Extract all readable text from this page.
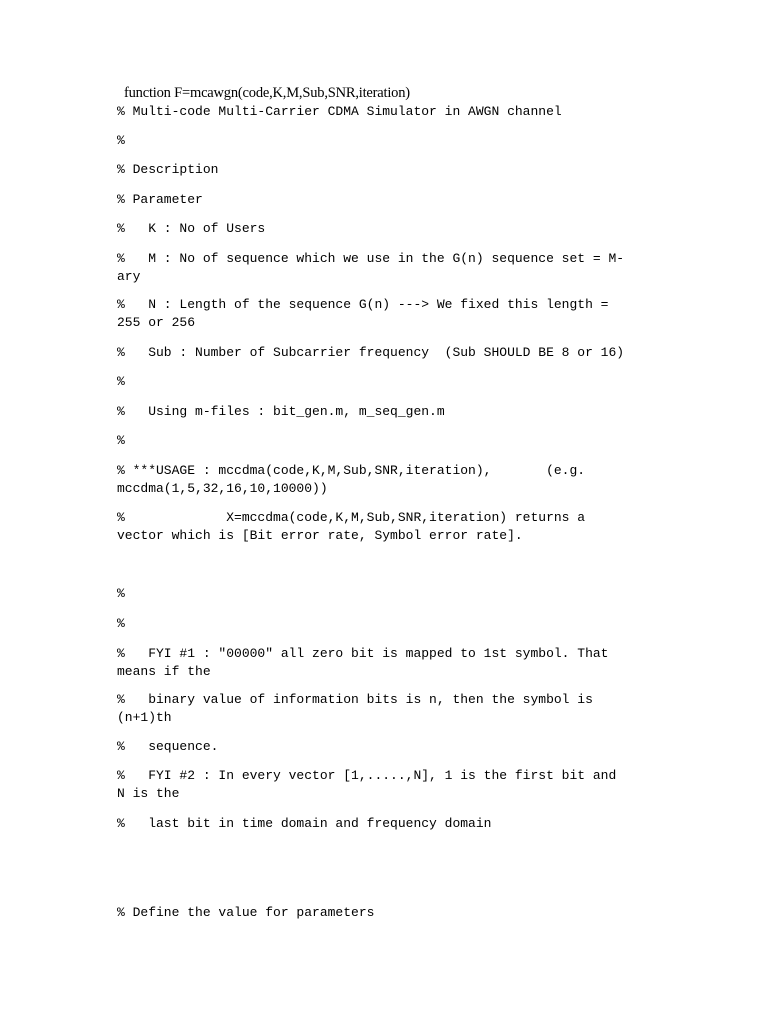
function F=mcawgn(code,K,M,Sub,SNR,iteration)
% Multi-code Multi-Carrier CDMA Simulator in AWGN channel
%
% Description
% Parameter
%   K : No of Users
%   M : No of sequence which we use in the G(n) sequence set = M-
ary
%   N : Length of the sequence G(n) ---> We fixed this length =
255 or 256
%   Sub : Number of Subcarrier frequency  (Sub SHOULD BE 8 or 16)
%
%   Using m-files : bit_gen.m, m_seq_gen.m
%
% ***USAGE : mccdma(code,K,M,Sub,SNR,iteration),       (e.g.
mccdma(1,5,32,16,10,10000))
%             X=mccdma(code,K,M,Sub,SNR,iteration) returns a
vector which is [Bit error rate, Symbol error rate].
%
%
%   FYI #1 : "00000" all zero bit is mapped to 1st symbol. That
means if the
%   binary value of information bits is n, then the symbol is
(n+1)th
%   sequence.
%   FYI #2 : In every vector [1,.....,N], 1 is the first bit and
N is the
%   last bit in time domain and frequency domain
% Define the value for parameters
